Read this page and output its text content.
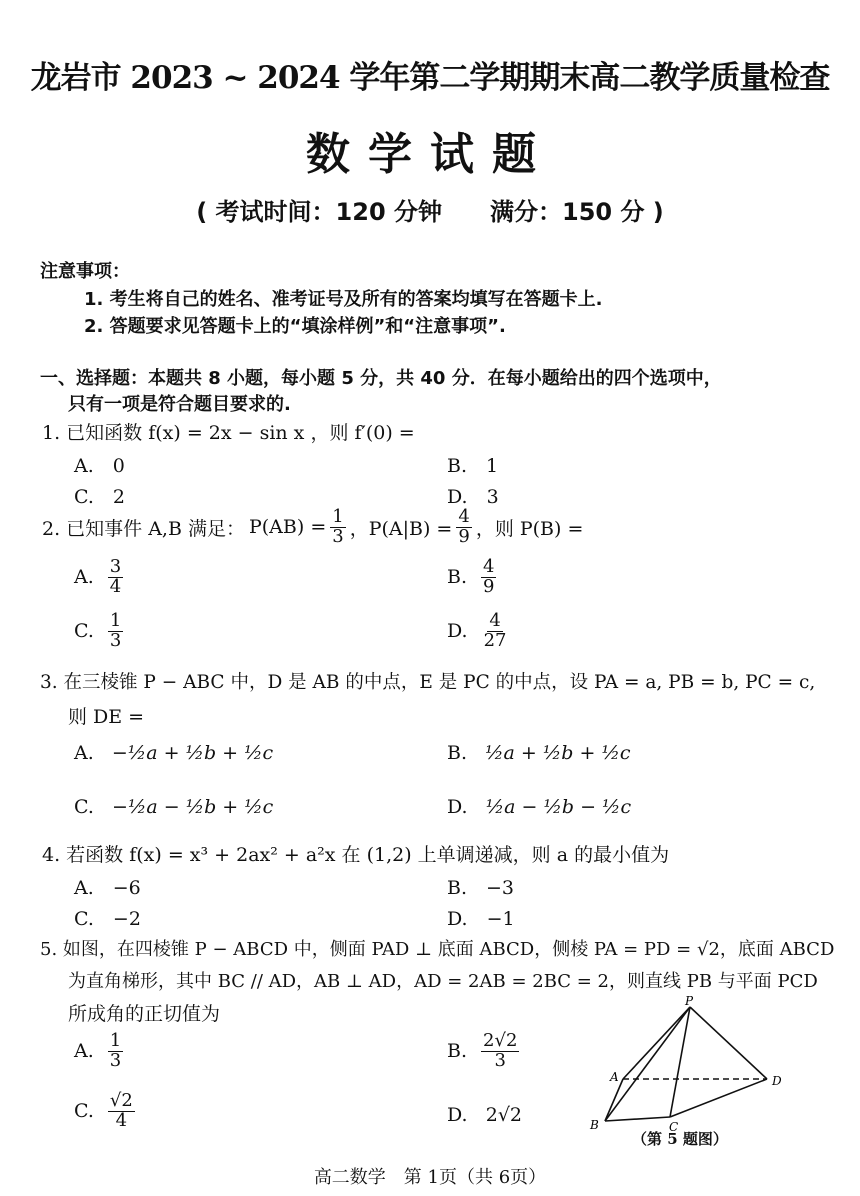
龙岩市 2023 ~ 2024 学年第二学期期末高二教学质量检查
数学试题
( 考试时间：120 分钟　　满分：150 分 )
注意事项：
1. 考生将自己的姓名、准考证号及所有的答案均填写在答题卡上.
2. 答题要求见答题卡上的“填涂样例”和“注意事项”.
一、选择题：本题共 8 小题，每小题 5 分，共 40 分．在每小题给出的四个选项中，
只有一项是符合题目要求的.
1. 已知函数 f(x) = 2x − sin x ，则 f′(0) =
A.　0	B.　1
C.　2	D.　3
2. 已知事件 A,B 满足： $P(AB) = \frac{1}{3}$ ，$P(A|B) = \frac{4}{9}$ ，则 P(B) =
A. $\frac{3}{4}$	B. $\frac{4}{9}$
C. $\frac{1}{3}$	D. $\frac{4}{27}$
3. 在三棱锥 P − ABC 中，D 是 AB 的中点，E 是 PC 的中点，设 PA = a, PB = b, PC = c,
则 DE =
A. −½a + ½b + ½c	B. ½a + ½b + ½c
C. −½a − ½b + ½c	D. ½a − ½b − ½c
4. 若函数 f(x) = x³ + 2ax² + a²x 在 (1,2) 上单调递减，则 a 的最小值为
A.　−6	B.　−3
C.　−2	D.　−1
5. 如图，在四棱锥 P − ABCD 中，侧面 PAD ⊥ 底面 ABCD，侧棱 PA = PD = √2，底面 ABCD
为直角梯形，其中 BC // AD，AB ⊥ AD，AD = 2AB = 2BC = 2，则直线 PB 与平面 PCD
所成角的正切值为
A. $\frac{1}{3}$	B. $\frac{2√2}{3}$
C. $\frac{√2}{4}$	D. 2√2
P
A
B	C
D
（第 5 题图）
高二数学　第 1页（共 6页）
